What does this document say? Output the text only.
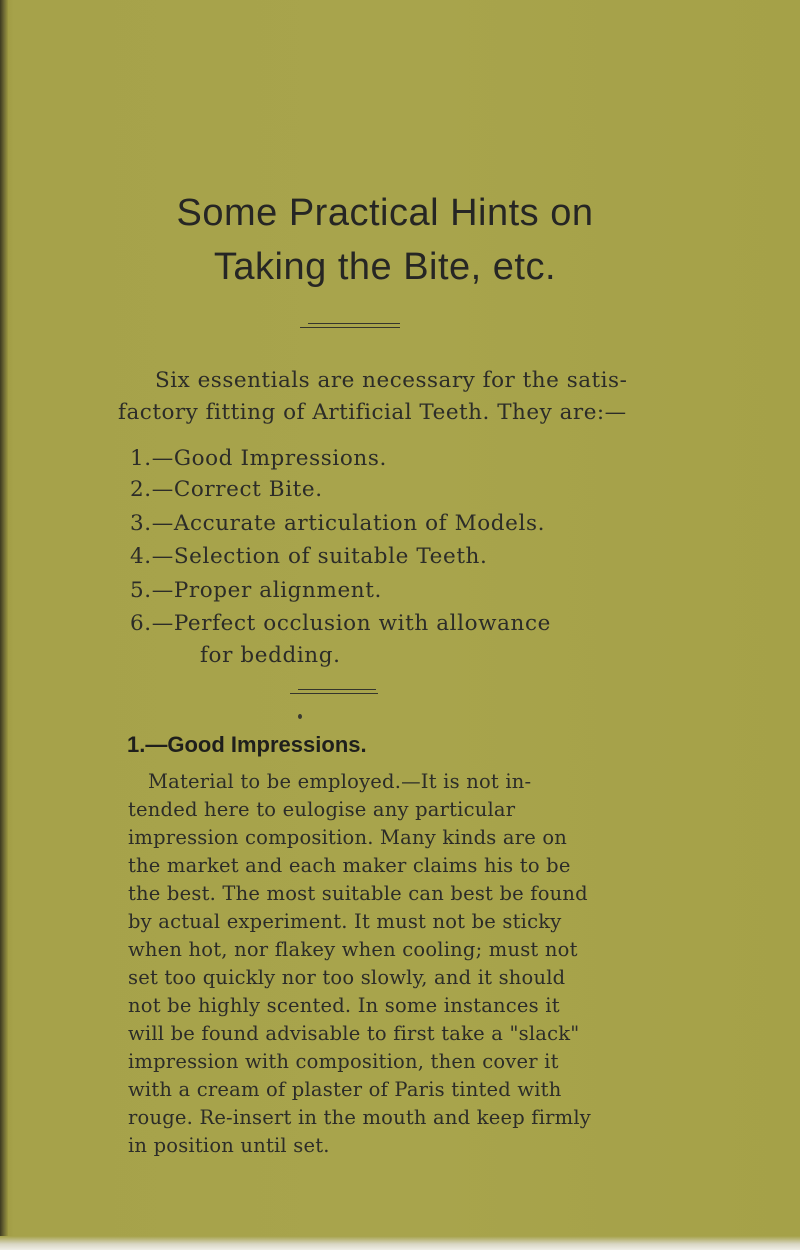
Some Practical Hints on
Taking the Bite, etc.
Six essentials are necessary for the satis-
factory fitting of Artificial Teeth. They are:—
1.—Good Impressions.
2.—Correct Bite.
3.—Accurate articulation of Models.
4.—Selection of suitable Teeth.
5.—Proper alignment.
6.—Perfect occlusion with allowance
for bedding.
1.—Good Impressions.
Material to be employed.—It is not in-
tended here to eulogise any particular
impression composition. Many kinds are on
the market and each maker claims his to be
the best. The most suitable can best be found
by actual experiment. It must not be sticky
when hot, nor flakey when cooling; must not
set too quickly nor too slowly, and it should
not be highly scented. In some instances it
will be found advisable to first take a "slack"
impression with composition, then cover it
with a cream of plaster of Paris tinted with
rouge. Re-insert in the mouth and keep firmly
in position until set.
